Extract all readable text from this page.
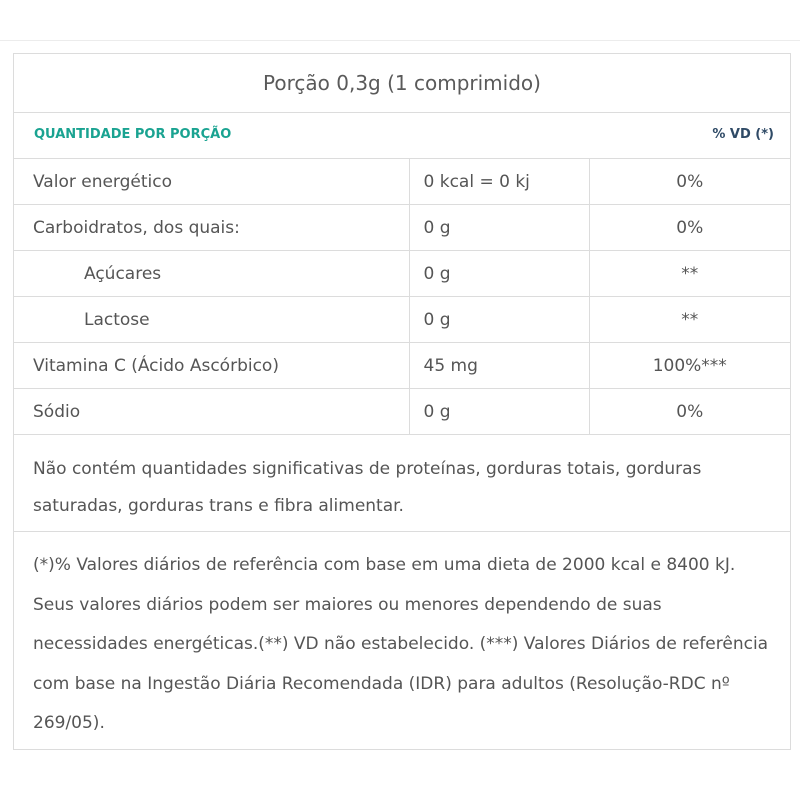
Porção 0,3g (1 comprimido)
QUANTIDADE POR PORÇÃO	% VD (*)
Valor energético	0 kcal = 0 kj	0%
Carboidratos, dos quais:	0 g	0%
Açúcares	0 g	**
Lactose	0 g	**
Vitamina C (Ácido Ascórbico)	45 mg	100%***
Sódio	0 g	0%
Não contém quantidades significativas de proteínas, gorduras totais, gorduras saturadas, gorduras trans e fibra alimentar.
(*)% Valores diários de referência com base em uma dieta de 2000 kcal e 8400 kJ. Seus valores diários podem ser maiores ou menores dependendo de suas necessidades energéticas.(**) VD não estabelecido. (***) Valores Diários de referência com base na Ingestão Diária Recomendada (IDR) para adultos (Resolução-RDC nº 269/05).
